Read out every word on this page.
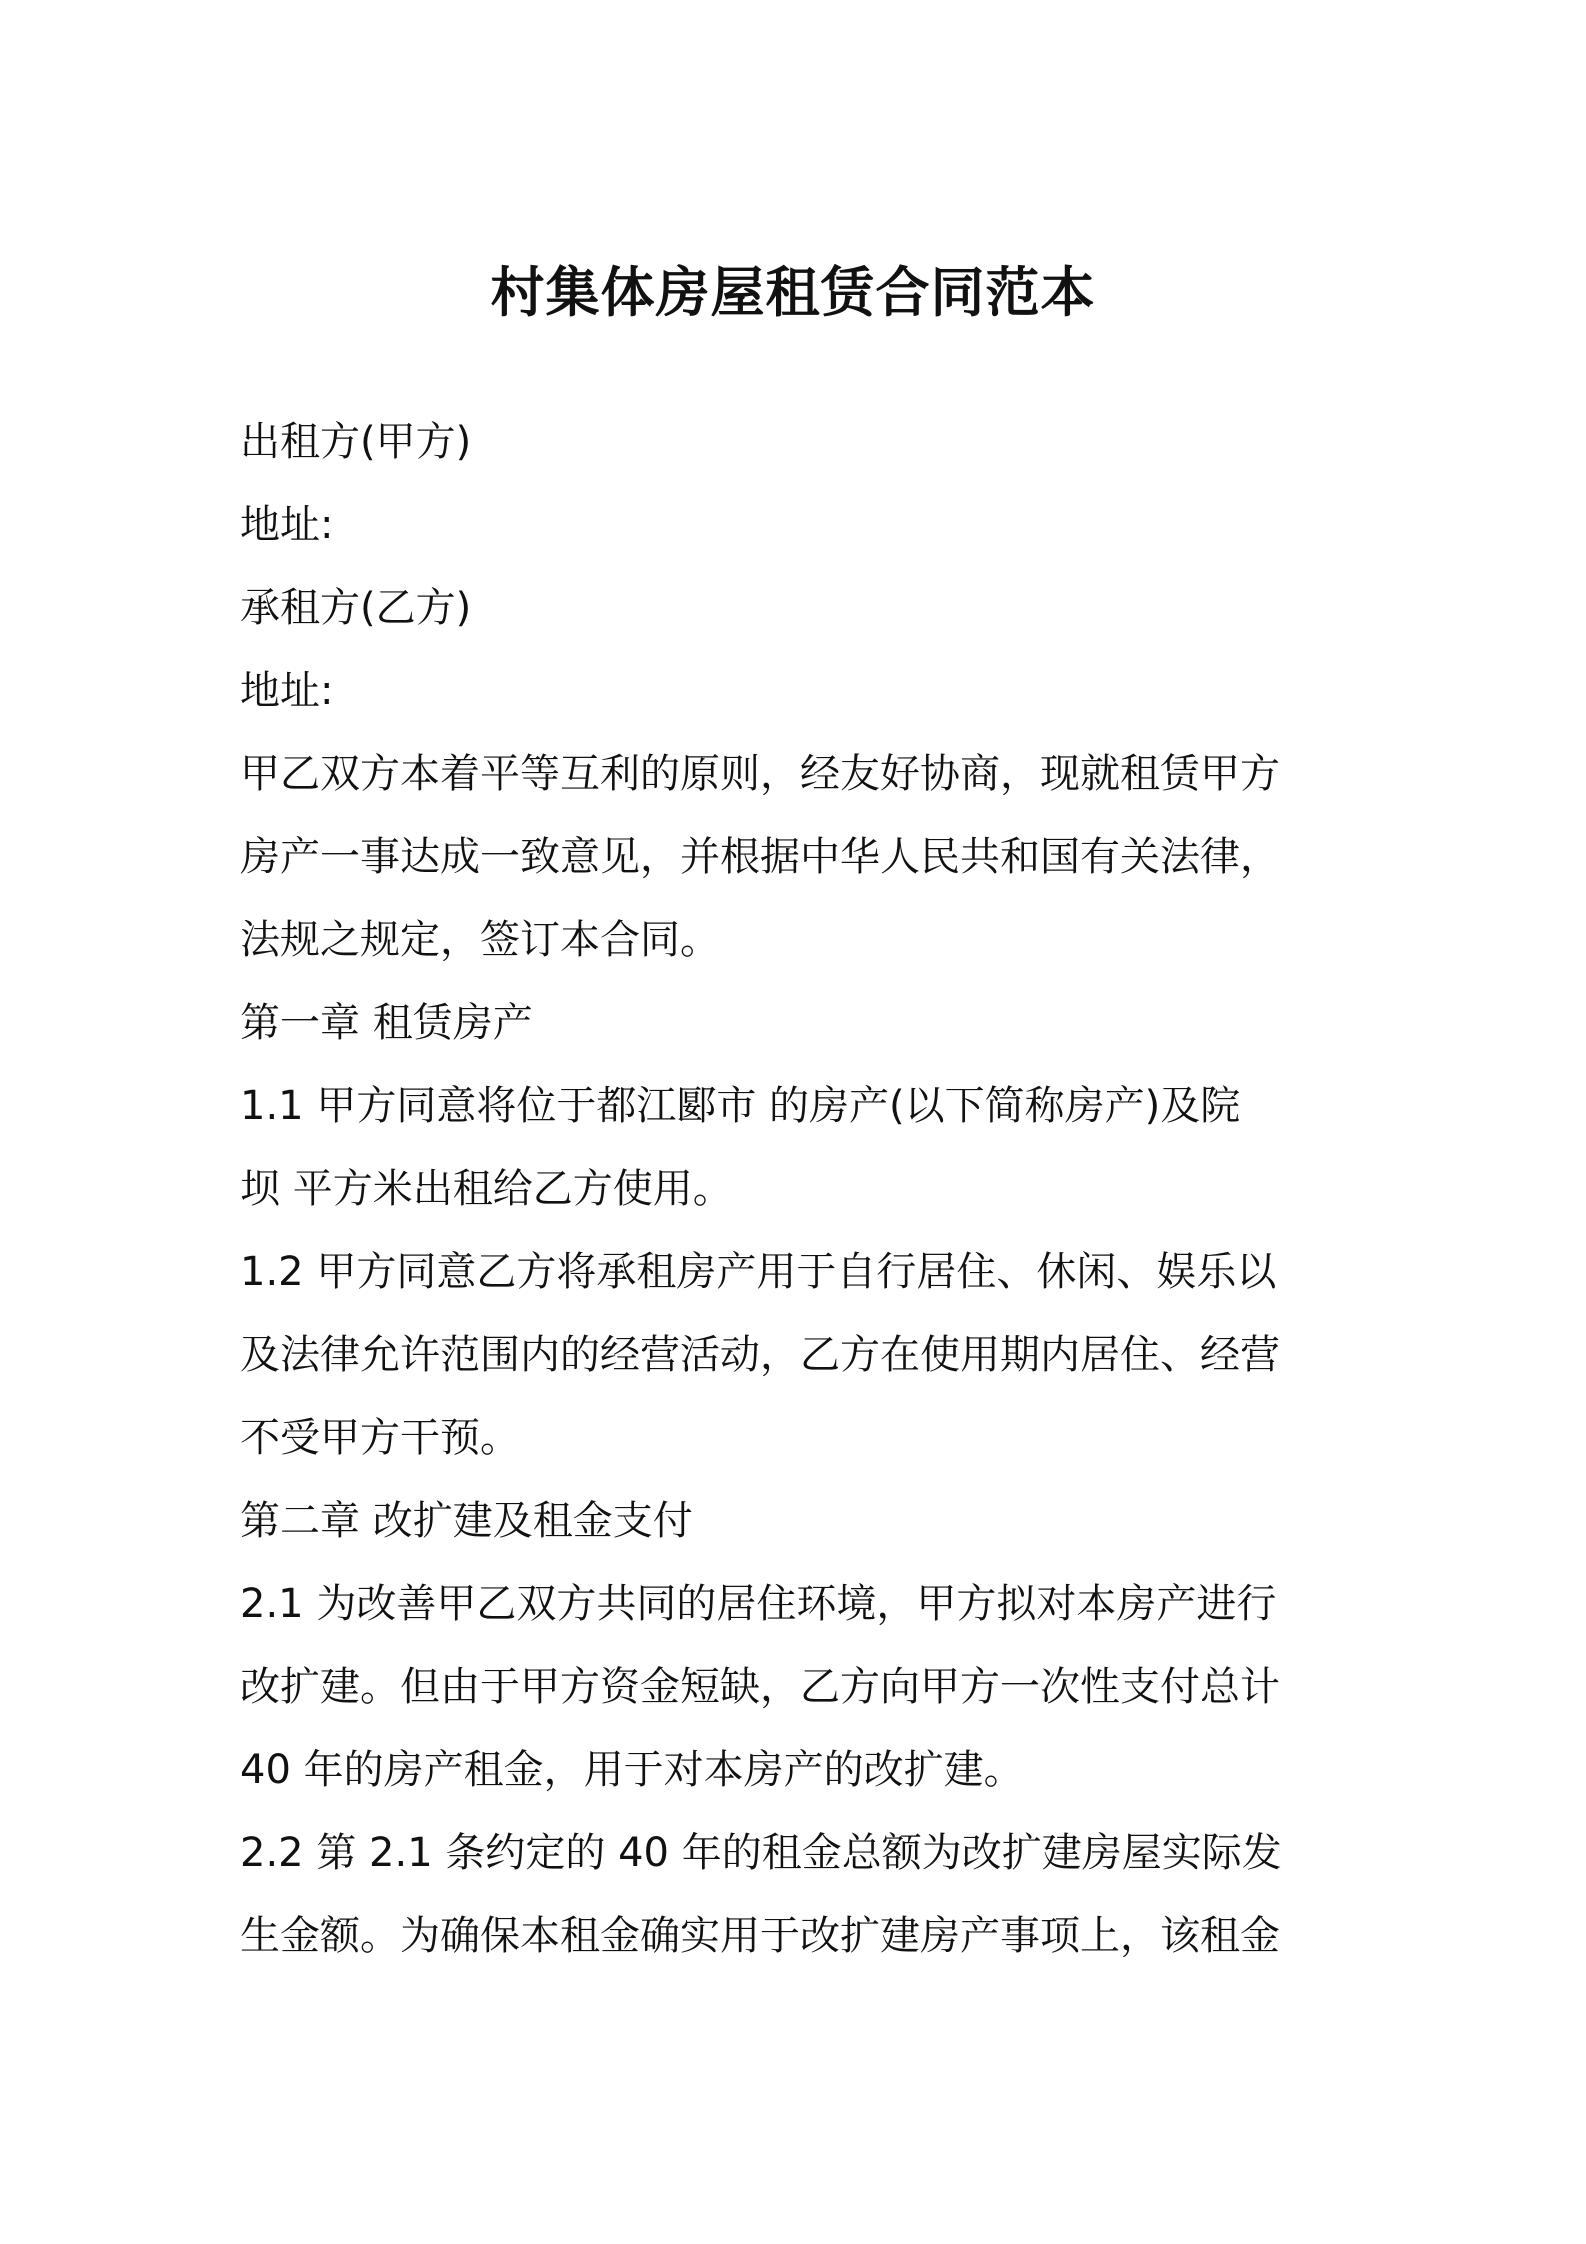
村集体房屋租赁合同范本
出租方(甲方)
地址:
承租方(乙方)
地址:
甲乙双方本着平等互利的原则，经友好协商，现就租赁甲方
房产一事达成一致意见，并根据中华人民共和国有关法律，
法规之规定，签订本合同。
第一章 租赁房产
1.1 甲方同意将位于都江郾市 的房产(以下简称房产)及院
坝 平方米出租给乙方使用。
1.2 甲方同意乙方将承租房产用于自行居住、休闲、娱乐以
及法律允许范围内的经营活动，乙方在使用期内居住、经营
不受甲方干预。
第二章 改扩建及租金支付
2.1 为改善甲乙双方共同的居住环境，甲方拟对本房产进行
改扩建。但由于甲方资金短缺，乙方向甲方一次性支付总计
40 年的房产租金，用于对本房产的改扩建。
2.2 第 2.1 条约定的 40 年的租金总额为改扩建房屋实际发
生金额。为确保本租金确实用于改扩建房产事项上，该租金
